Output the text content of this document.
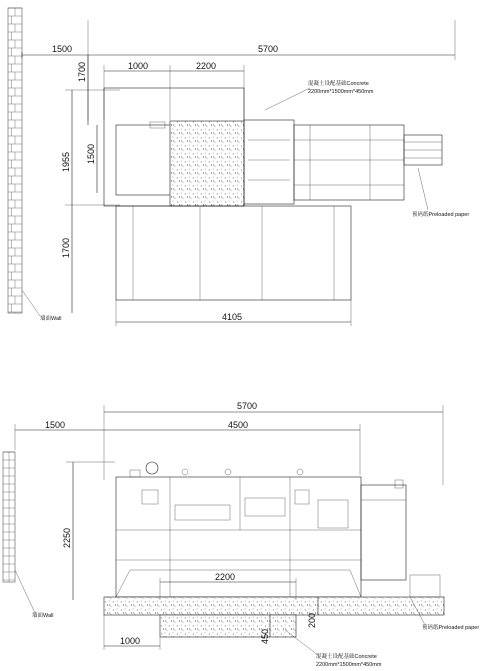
1500	5700
1000	2200
1700
1955 1500
1700
4105
混凝土设配基础Concrete
2200mm*1500mm*450mm
预码纸Preloaded paper
墙面Wall
5700
1500	4500
2250
2200
1000	450
200
墙面Wall
预码纸Preloaded paper
混凝土设配基础Concrete
2200mm*1500mm*450mm
